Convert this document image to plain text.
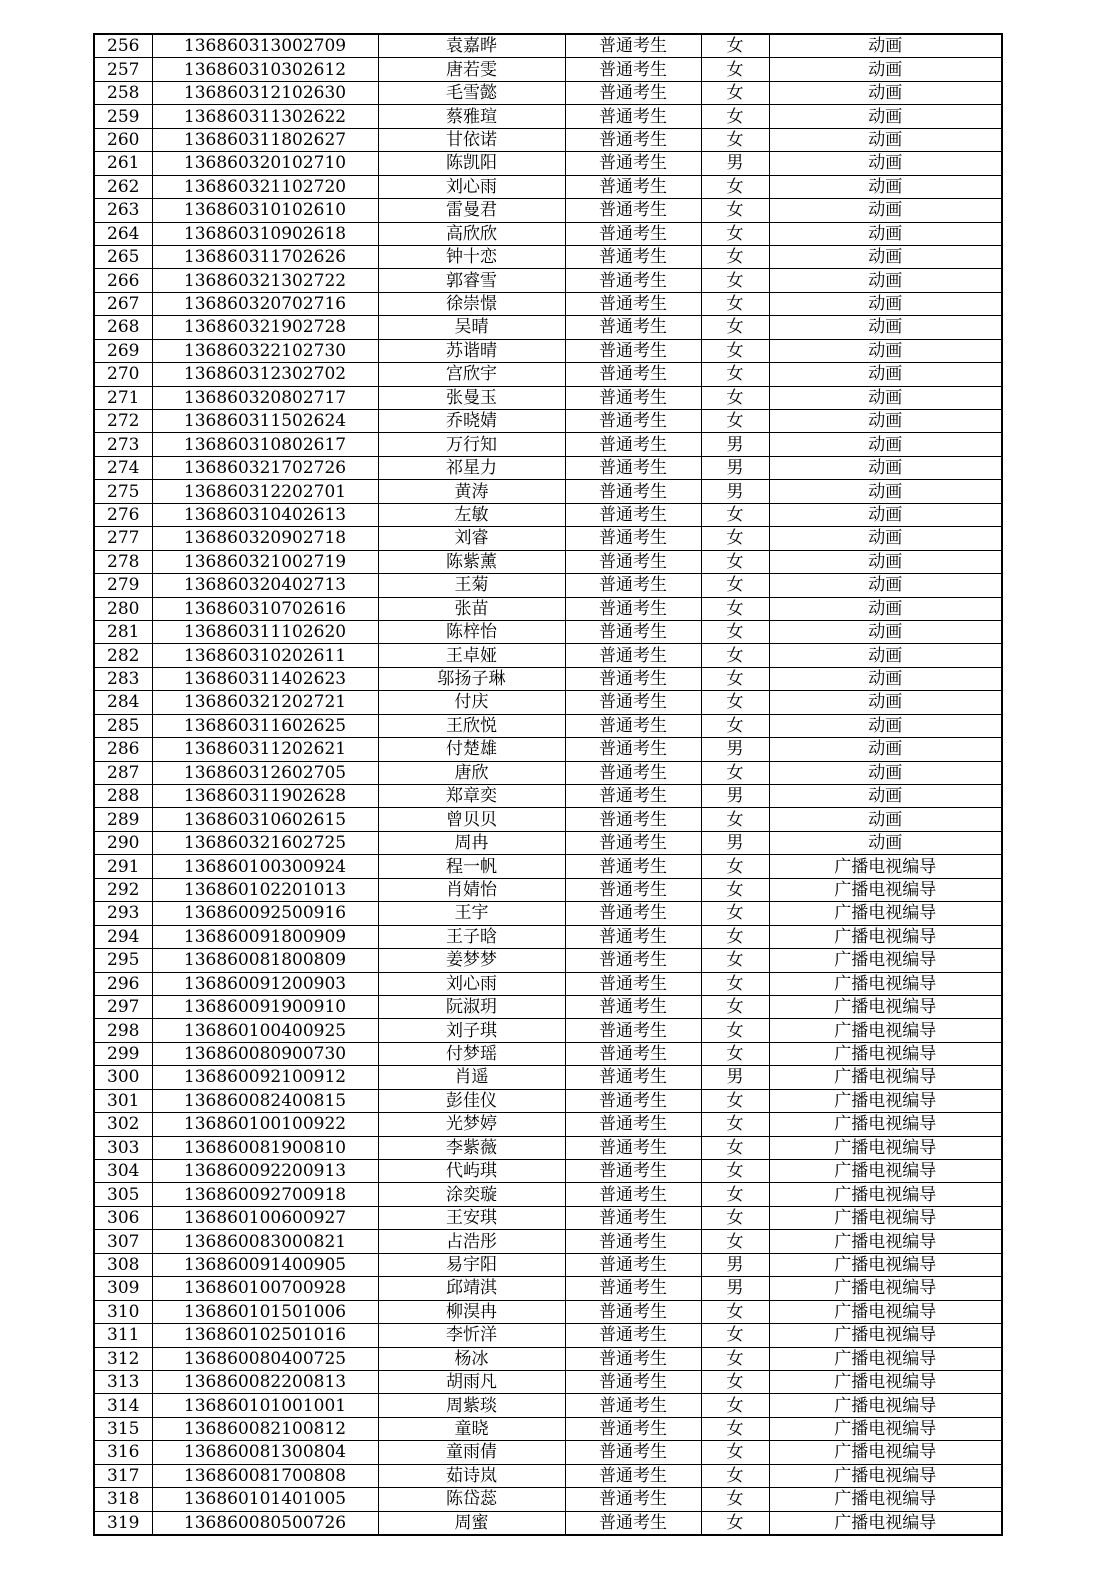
256	136860313002709	袁嘉晔	普通考生	女	动画
257	136860310302612	唐若雯	普通考生	女	动画
258	136860312102630	毛雪懿	普通考生	女	动画
259	136860311302622	蔡雅瑄	普通考生	女	动画
260	136860311802627	甘依诺	普通考生	女	动画
261	136860320102710	陈凯阳	普通考生	男	动画
262	136860321102720	刘心雨	普通考生	女	动画
263	136860310102610	雷曼君	普通考生	女	动画
264	136860310902618	高欣欣	普通考生	女	动画
265	136860311702626	钟十恋	普通考生	女	动画
266	136860321302722	郭睿雪	普通考生	女	动画
267	136860320702716	徐崇憬	普通考生	女	动画
268	136860321902728	吴晴	普通考生	女	动画
269	136860322102730	苏谐晴	普通考生	女	动画
270	136860312302702	宫欣宇	普通考生	女	动画
271	136860320802717	张曼玉	普通考生	女	动画
272	136860311502624	乔晓婧	普通考生	女	动画
273	136860310802617	万行知	普通考生	男	动画
274	136860321702726	祁星力	普通考生	男	动画
275	136860312202701	黄涛	普通考生	男	动画
276	136860310402613	左敏	普通考生	女	动画
277	136860320902718	刘睿	普通考生	女	动画
278	136860321002719	陈紫薰	普通考生	女	动画
279	136860320402713	王菊	普通考生	女	动画
280	136860310702616	张苗	普通考生	女	动画
281	136860311102620	陈梓怡	普通考生	女	动画
282	136860310202611	王卓娅	普通考生	女	动画
283	136860311402623	邬扬子琳	普通考生	女	动画
284	136860321202721	付庆	普通考生	女	动画
285	136860311602625	王欣悦	普通考生	女	动画
286	136860311202621	付楚雄	普通考生	男	动画
287	136860312602705	唐欣	普通考生	女	动画
288	136860311902628	郑章奕	普通考生	男	动画
289	136860310602615	曾贝贝	普通考生	女	动画
290	136860321602725	周冉	普通考生	男	动画
291	136860100300924	程一帆	普通考生	女	广播电视编导
292	136860102201013	肖婧怡	普通考生	女	广播电视编导
293	136860092500916	王宇	普通考生	女	广播电视编导
294	136860091800909	王子晗	普通考生	女	广播电视编导
295	136860081800809	姜梦梦	普通考生	女	广播电视编导
296	136860091200903	刘心雨	普通考生	女	广播电视编导
297	136860091900910	阮淑玥	普通考生	女	广播电视编导
298	136860100400925	刘子琪	普通考生	女	广播电视编导
299	136860080900730	付梦瑶	普通考生	女	广播电视编导
300	136860092100912	肖遥	普通考生	男	广播电视编导
301	136860082400815	彭佳仪	普通考生	女	广播电视编导
302	136860100100922	光梦婷	普通考生	女	广播电视编导
303	136860081900810	李紫薇	普通考生	女	广播电视编导
304	136860092200913	代屿琪	普通考生	女	广播电视编导
305	136860092700918	涂奕璇	普通考生	女	广播电视编导
306	136860100600927	王安琪	普通考生	女	广播电视编导
307	136860083000821	占浩彤	普通考生	女	广播电视编导
308	136860091400905	易宇阳	普通考生	男	广播电视编导
309	136860100700928	邱靖淇	普通考生	男	广播电视编导
310	136860101501006	柳淏冉	普通考生	女	广播电视编导
311	136860102501016	李忻洋	普通考生	女	广播电视编导
312	136860080400725	杨冰	普通考生	女	广播电视编导
313	136860082200813	胡雨凡	普通考生	女	广播电视编导
314	136860101001001	周紫琰	普通考生	女	广播电视编导
315	136860082100812	童晓	普通考生	女	广播电视编导
316	136860081300804	童雨倩	普通考生	女	广播电视编导
317	136860081700808	茹诗岚	普通考生	女	广播电视编导
318	136860101401005	陈岱蕊	普通考生	女	广播电视编导
319	136860080500726	周蜜	普通考生	女	广播电视编导
